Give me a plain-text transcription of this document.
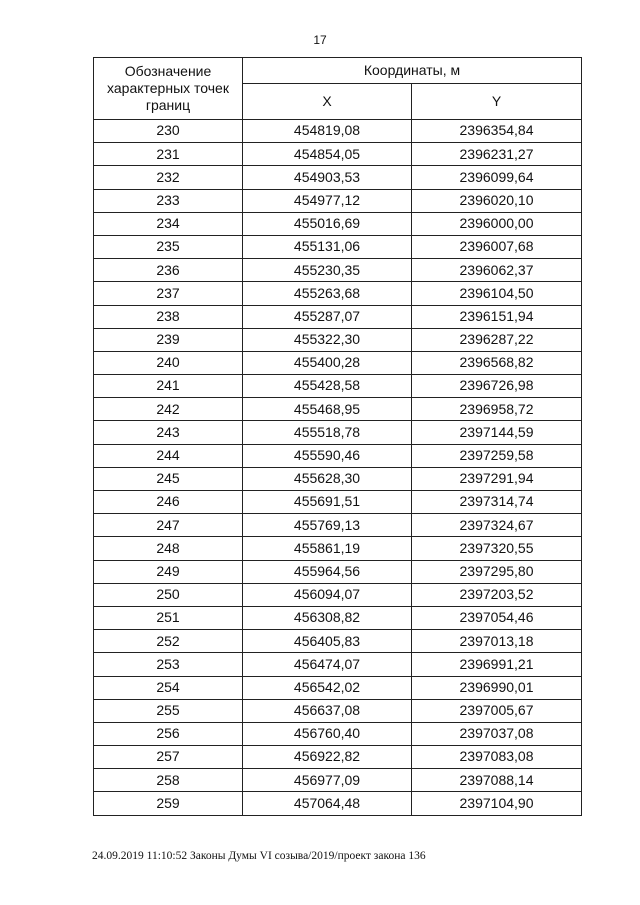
17
Обозначение характерных точек границ	Координаты, м	
	X	Y
230	454819,08	2396354,84
231	454854,05	2396231,27
232	454903,53	2396099,64
233	454977,12	2396020,10
234	455016,69	2396000,00
235	455131,06	2396007,68
236	455230,35	2396062,37
237	455263,68	2396104,50
238	455287,07	2396151,94
239	455322,30	2396287,22
240	455400,28	2396568,82
241	455428,58	2396726,98
242	455468,95	2396958,72
243	455518,78	2397144,59
244	455590,46	2397259,58
245	455628,30	2397291,94
246	455691,51	2397314,74
247	455769,13	2397324,67
248	455861,19	2397320,55
249	455964,56	2397295,80
250	456094,07	2397203,52
251	456308,82	2397054,46
252	456405,83	2397013,18
253	456474,07	2396991,21
254	456542,02	2396990,01
255	456637,08	2397005,67
256	456760,40	2397037,08
257	456922,82	2397083,08
258	456977,09	2397088,14
259	457064,48	2397104,90
24.09.2019 11:10:52 Законы Думы VI созыва/2019/проект закона 136
